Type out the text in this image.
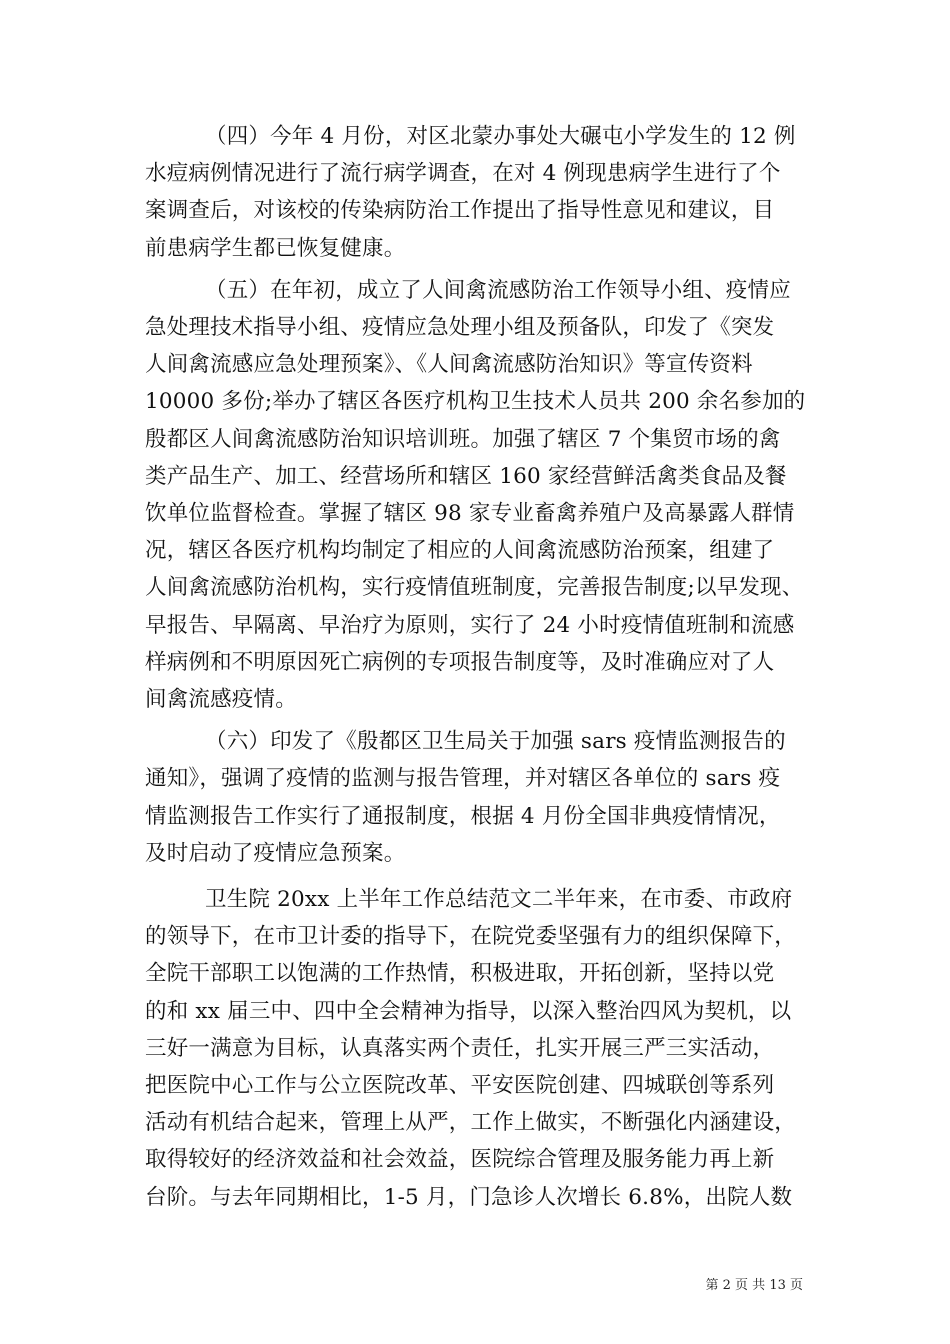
（四）今年 4 月份，对区北蒙办事处大碾屯小学发生的 12 例
水痘病例情况进行了流行病学调查，在对 4 例现患病学生进行了个
案调查后，对该校的传染病防治工作提出了指导性意见和建议，目
前患病学生都已恢复健康。

（五）在年初，成立了人间禽流感防治工作领导小组、疫情应
急处理技术指导小组、疫情应急处理小组及预备队，印发了《突发
人间禽流感应急处理预案》、《人间禽流感防治知识》等宣传资料
10000 多份;举办了辖区各医疗机构卫生技术人员共 200 余名参加的
殷都区人间禽流感防治知识培训班。加强了辖区 7 个集贸市场的禽
类产品生产、加工、经营场所和辖区 160 家经营鲜活禽类食品及餐
饮单位监督检查。掌握了辖区 98 家专业畜禽养殖户及高暴露人群情
况，辖区各医疗机构均制定了相应的人间禽流感防治预案，组建了
人间禽流感防治机构，实行疫情值班制度，完善报告制度;以早发现、
早报告、早隔离、早治疗为原则，实行了 24 小时疫情值班制和流感
样病例和不明原因死亡病例的专项报告制度等，及时准确应对了人
间禽流感疫情。

（六）印发了《殷都区卫生局关于加强 sars 疫情监测报告的
通知》，强调了疫情的监测与报告管理，并对辖区各单位的 sars 疫
情监测报告工作实行了通报制度，根据 4 月份全国非典疫情情况，
及时启动了疫情应急预案。

卫生院 20xx 上半年工作总结范文二半年来，在市委、市政府
的领导下，在市卫计委的指导下，在院党委坚强有力的组织保障下，
全院干部职工以饱满的工作热情，积极进取，开拓创新，坚持以党
的和 xx 届三中、四中全会精神为指导，以深入整治四风为契机，以
三好一满意为目标，认真落实两个责任，扎实开展三严三实活动，
把医院中心工作与公立医院改革、平安医院创建、四城联创等系列
活动有机结合起来，管理上从严，工作上做实，不断强化内涵建设，
取得较好的经济效益和社会效益，医院综合管理及服务能力再上新
台阶。与去年同期相比，1-5 月，门急诊人次增长 6.8%，出院人数

第 2 页 共 13 页
